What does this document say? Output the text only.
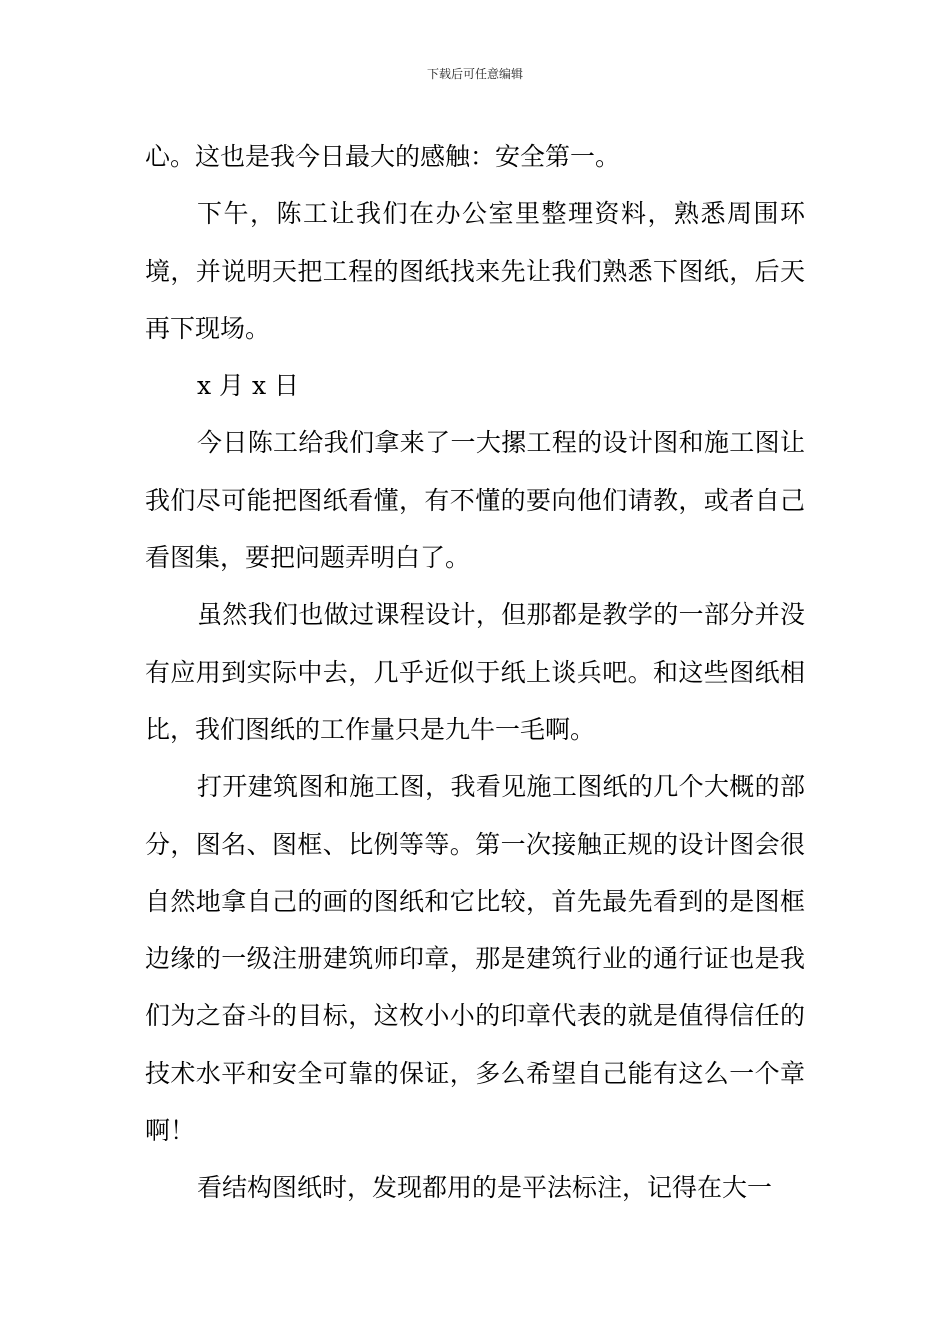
下载后可任意编辑

心。这也是我今日最大的感触：安全第一。

下午，陈工让我们在办公室里整理资料，熟悉周围环境，并说明天把工程的图纸找来先让我们熟悉下图纸，后天再下现场。

x 月 x 日

今日陈工给我们拿来了一大摞工程的设计图和施工图让我们尽可能把图纸看懂，有不懂的要向他们请教，或者自己看图集，要把问题弄明白了。

虽然我们也做过课程设计，但那都是教学的一部分并没有应用到实际中去，几乎近似于纸上谈兵吧。和这些图纸相比，我们图纸的工作量只是九牛一毛啊。

打开建筑图和施工图，我看见施工图纸的几个大概的部分，图名、图框、比例等等。第一次接触正规的设计图会很自然地拿自己的画的图纸和它比较，首先最先看到的是图框边缘的一级注册建筑师印章，那是建筑行业的通行证也是我们为之奋斗的目标，这枚小小的印章代表的就是值得信任的技术水平和安全可靠的保证，多么希望自己能有这么一个章啊！

看结构图纸时，发现都用的是平法标注，记得在大一
